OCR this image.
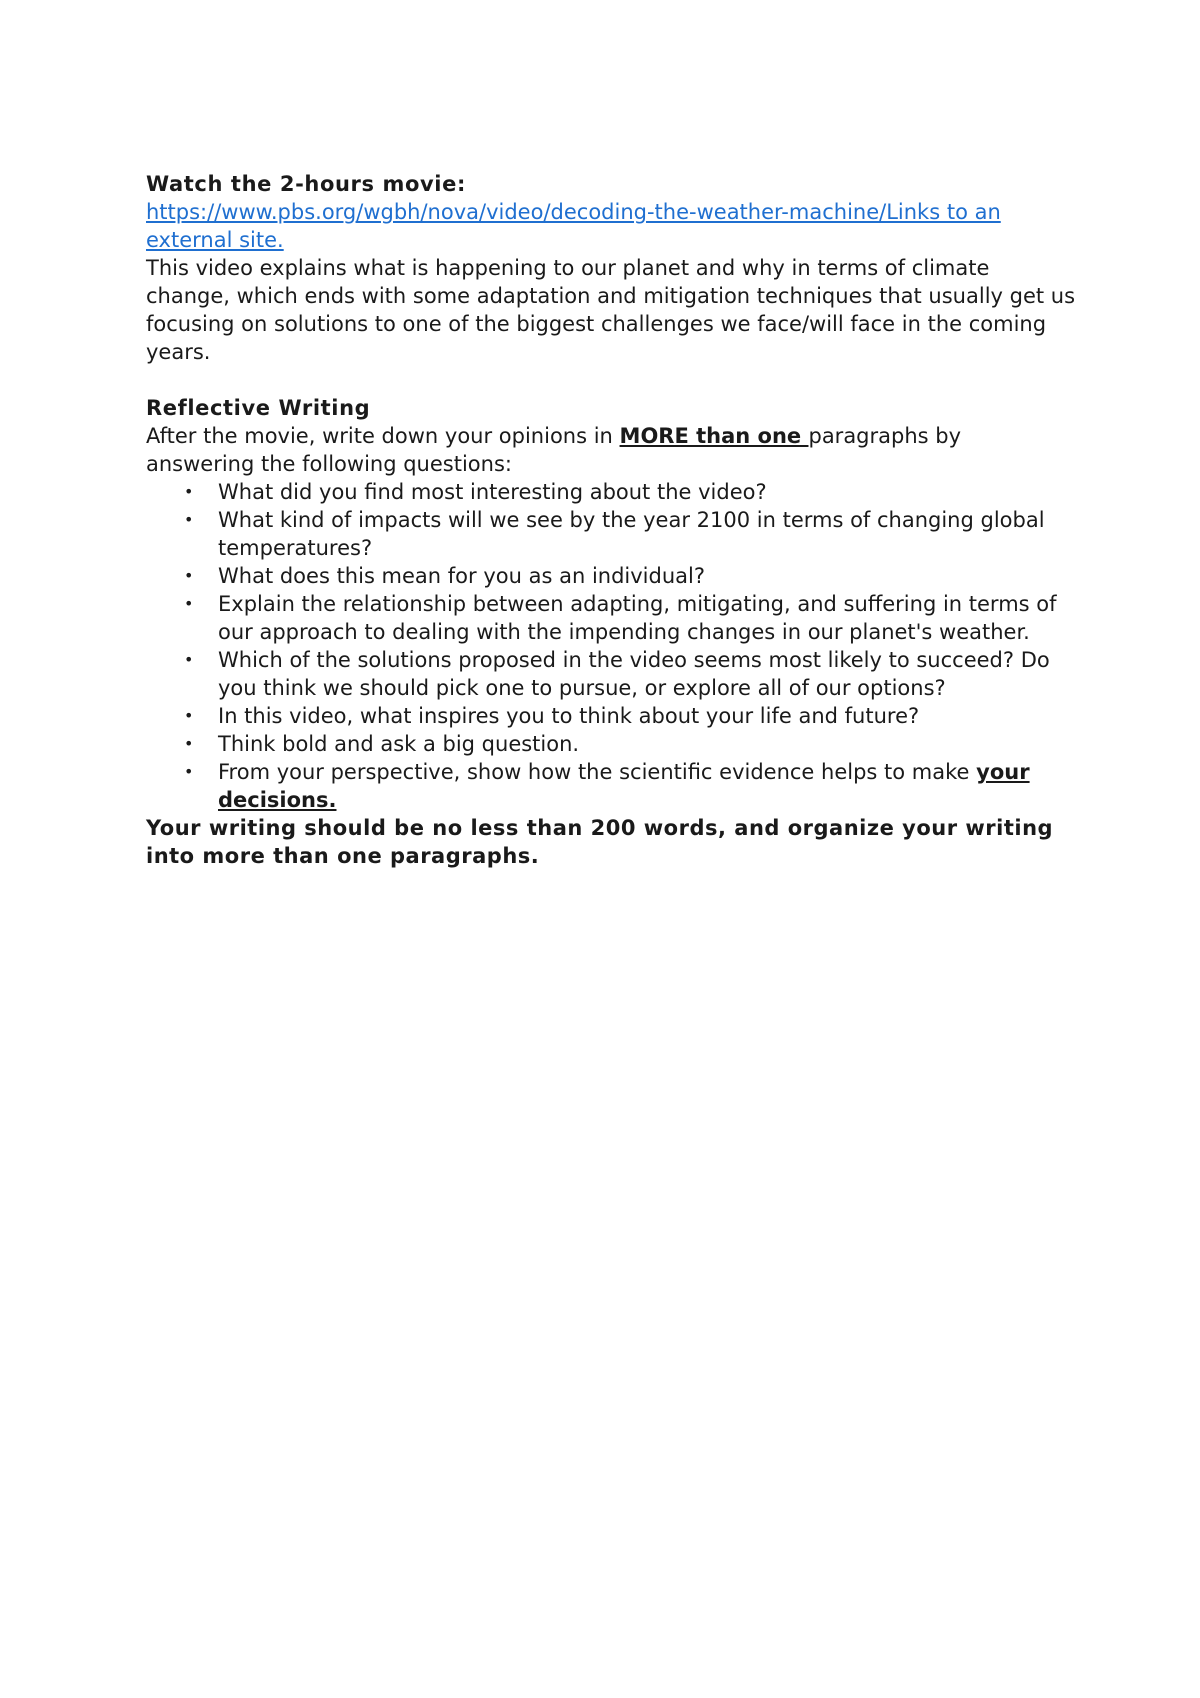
Watch the 2-hours movie:

https://www.pbs.org/wgbh/nova/video/decoding-the-weather-machine/Links to an external site.

This video explains what is happening to our planet and why in terms of climate change, which ends with some adaptation and mitigation techniques that usually get us focusing on solutions to one of the biggest challenges we face/will face in the coming years.

Reflective Writing

After the movie, write down your opinions in MORE than one paragraphs by answering the following questions:

• What did you find most interesting about the video?
• What kind of impacts will we see by the year 2100 in terms of changing global temperatures?
• What does this mean for you as an individual?
• Explain the relationship between adapting, mitigating, and suffering in terms of our approach to dealing with the impending changes in our planet's weather.
• Which of the solutions proposed in the video seems most likely to succeed? Do you think we should pick one to pursue, or explore all of our options?
• In this video, what inspires you to think about your life and future?
• Think bold and ask a big question.
• From your perspective, show how the scientific evidence helps to make your decisions.

Your writing should be no less than 200 words, and organize your writing into more than one paragraphs.
